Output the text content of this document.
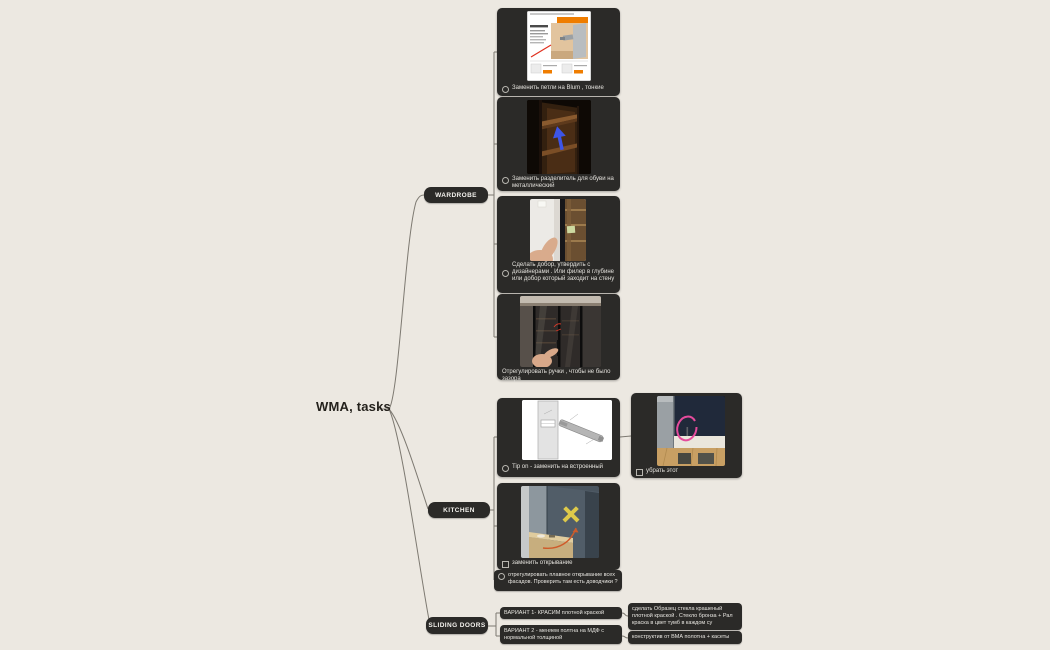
WMA, tasks
WARDROBE
KITCHEN
SLIDING DOORS
Заменить петли на Blum , тонкие
Заменить разделитель для обуви на металлический
Сделать добор, утвердить с дизайнерами . Или филер в глубине или добор который заходит на стену
Отрегулировать ручки , чтобы не было зазора
Tip on - заменить на встроенный
убрать этот
заменить открывание
отрегулировать плавное открывание всех фасадов. Проверить там есть доводчики ?
ВАРИАНТ 1- КРАСИМ плотной краской
сделать Образец стекла крашеный плотной краской . Стекло бронза + Рал краска в цвет тумб в каждом су
ВАРИАНТ 2 - меняем полтна на МДФ с нормальной толщиной	конструктив от ВМА полотна + касеты
